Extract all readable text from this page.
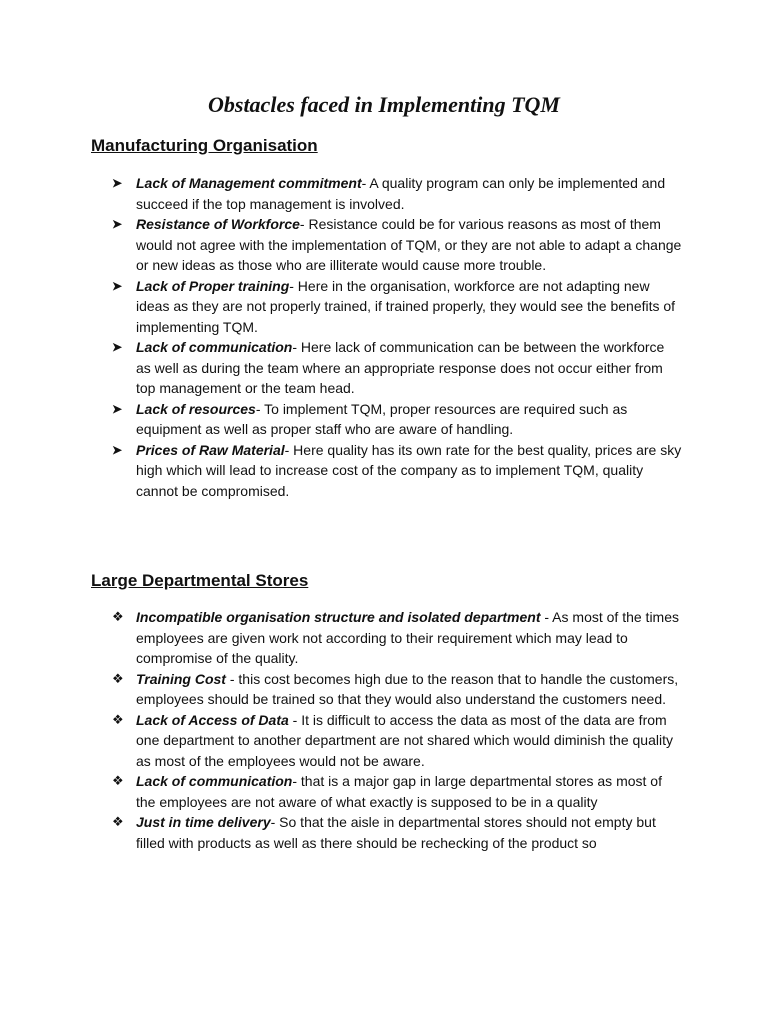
Obstacles faced in Implementing TQM
Manufacturing Organisation
➤ Lack of Management commitment- A quality program can only be implemented and succeed if the top management is involved.
➤ Resistance of Workforce- Resistance could be for various reasons as most of them would not agree with the implementation of TQM, or they are not able to adapt a change or new ideas as those who are illiterate would cause more trouble.
➤ Lack of Proper training- Here in the organisation, workforce are not adapting new ideas as they are not properly trained, if trained properly, they would see the benefits of implementing TQM.
➤ Lack of communication- Here lack of communication can be between the workforce as well as during the team where an appropriate response does not occur either from top management or the team head.
➤ Lack of resources- To implement TQM, proper resources are required such as equipment as well as proper staff who are aware of handling.
➤ Prices of Raw Material- Here quality has its own rate for the best quality, prices are sky high which will lead to increase cost of the company as to implement TQM, quality cannot be compromised.
Large Departmental Stores
❖ Incompatible organisation structure and isolated department - As most of the times employees are given work not according to their requirement which may lead to compromise of the quality.
❖ Training Cost - this cost becomes high due to the reason that to handle the customers, employees should be trained so that they would also understand the customers need.
❖ Lack of Access of Data - It is difficult to access the data as most of the data are from one department to another department are not shared which would diminish the quality as most of the employees would not be aware.
❖ Lack of communication- that is a major gap in large departmental stores as most of the employees are not aware of what exactly is supposed to be in a quality
❖ Just in time delivery- So that the aisle in departmental stores should not empty but filled with products as well as there should be rechecking of the product so
